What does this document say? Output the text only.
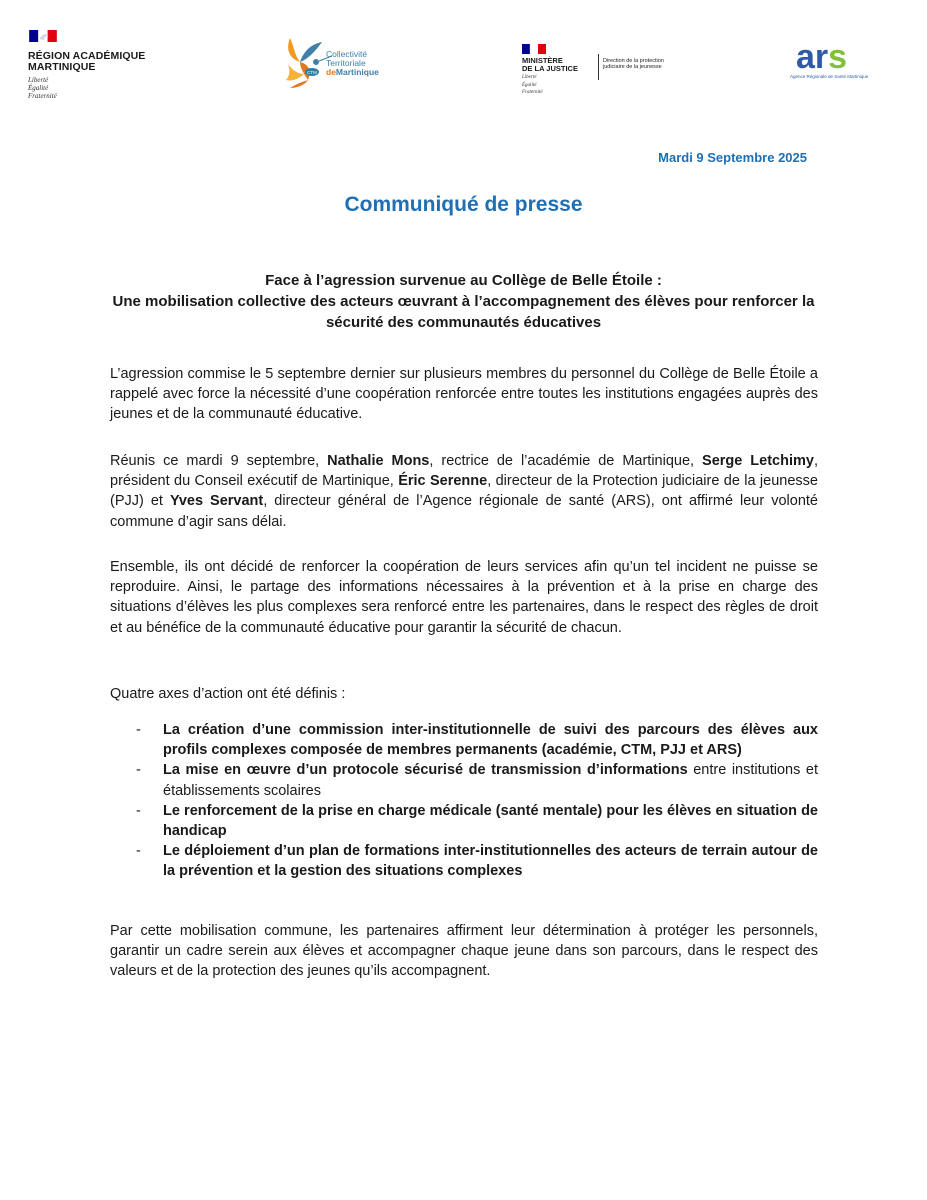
RÉGION ACADÉMIQUE
MARTINIQUE
Liberté
Égalité
Fraternité
CTM
Collectivité
Territoriale
deMartinique
MINISTÈRE
DE LA JUSTICE
Liberté
Égalité
Fraternité
Direction de la protection judiciaire de la jeunesse	ars
Agence Régionale de Santé Martinique
Mardi 9 Septembre 2025
Communiqué de presse
Face à l’agression survenue au Collège de Belle Étoile :
Une mobilisation collective des acteurs œuvrant à l’accompagnement des élèves pour renforcer la sécurité des communautés éducatives
L’agression commise le 5 septembre dernier sur plusieurs membres du personnel du Collège de Belle Étoile a rappelé avec force la nécessité d’une coopération renforcée entre toutes les institutions engagées auprès des jeunes et de la communauté éducative.
Réunis ce mardi 9 septembre, Nathalie Mons, rectrice de l’académie de Martinique, Serge Letchimy, président du Conseil exécutif de Martinique, Éric Serenne, directeur de la Protection judiciaire de la jeunesse (PJJ) et Yves Servant, directeur général de l’Agence régionale de santé (ARS), ont affirmé leur volonté commune d’agir sans délai.
Ensemble, ils ont décidé de renforcer la coopération de leurs services afin qu’un tel incident ne puisse se reproduire. Ainsi, le partage des informations nécessaires à la prévention et à la prise en charge des situations d’élèves les plus complexes sera renforcé entre les partenaires, dans le respect des règles de droit et au bénéfice de la communauté éducative pour garantir la sécurité de chacun.
Quatre axes d’action ont été définis :
- La création d’une commission inter-institutionnelle de suivi des parcours des élèves aux profils complexes composée de membres permanents (académie, CTM, PJJ et ARS)
- La mise en œuvre d’un protocole sécurisé de transmission d’informations entre institutions et établissements scolaires
- Le renforcement de la prise en charge médicale (santé mentale) pour les élèves en situation de handicap
- Le déploiement d’un plan de formations inter-institutionnelles des acteurs de terrain autour de la prévention et la gestion des situations complexes
Par cette mobilisation commune, les partenaires affirment leur détermination à protéger les personnels, garantir un cadre serein aux élèves et accompagner chaque jeune dans son parcours, dans le respect des valeurs et de la protection des jeunes qu’ils accompagnent.
